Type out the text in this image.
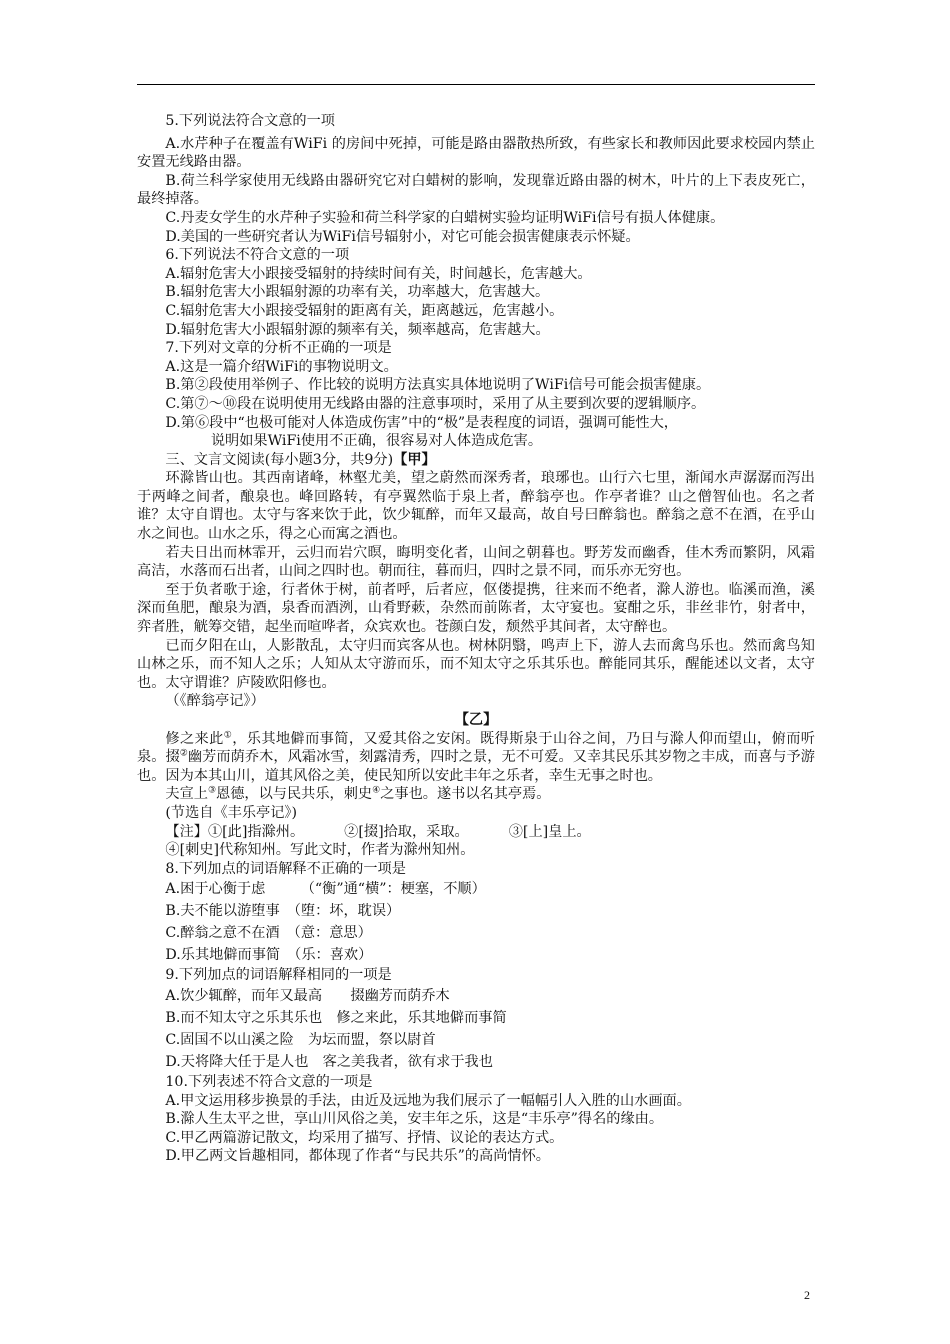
5.下列说法符合文意的一项

A.水芹种子在覆盖有WiFi 的房间中死掉，可能是路由器散热所致，有些家长和教师因此要求校园内禁止安置无线路由器。

B.荷兰科学家使用无线路由器研究它对白蜡树的影响，发现靠近路由器的树木，叶片的上下表皮死亡，最终掉落。

C.丹麦女学生的水芹种子实验和荷兰科学家的白蜡树实验均证明WiFi信号有损人体健康。

D.美国的一些研究者认为WiFi信号辐射小，对它可能会损害健康表示怀疑。

6.下列说法不符合文意的一项

A.辐射危害大小跟接受辐射的持续时间有关，时间越长，危害越大。

B.辐射危害大小跟辐射源的功率有关，功率越大，危害越大。

C.辐射危害大小跟接受辐射的距离有关，距离越远，危害越小。

D.辐射危害大小跟辐射源的频率有关，频率越高，危害越大。

7.下列对文章的分析不正确的一项是

A.这是一篇介绍WiFi的事物说明文。

B.第②段使用举例子、作比较的说明方法真实具体地说明了WiFi信号可能会损害健康。

C.第⑦～⑩段在说明使用无线路由器的注意事项时，采用了从主要到次要的逻辑顺序。

D.第⑥段中“也极可能对人体造成伤害”中的“极”是表程度的词语，强调可能性大，

说明如果WiFi使用不正确，很容易对人体造成危害。

三、文言文阅读(每小题3分，共9分)【甲】

环滁皆山也。其西南诸峰，林壑尤美，望之蔚然而深秀者，琅琊也。山行六七里，渐闻水声潺潺而泻出于两峰之间者，酿泉也。峰回路转，有亭翼然临于泉上者，醉翁亭也。作亭者谁？山之僧智仙也。名之者谁？太守自谓也。太守与客来饮于此，饮少辄醉，而年又最高，故自号曰醉翁也。醉翁之意不在酒，在乎山水之间也。山水之乐，得之心而寓之酒也。

若夫日出而林霏开，云归而岩穴暝，晦明变化者，山间之朝暮也。野芳发而幽香，佳木秀而繁阴，风霜高洁，水落而石出者，山间之四时也。朝而往，暮而归，四时之景不同，而乐亦无穷也。

至于负者歌于途，行者休于树，前者呼，后者应，伛偻提携，往来而不绝者，滁人游也。临溪而渔，溪深而鱼肥，酿泉为酒，泉香而酒洌，山肴野蔌，杂然而前陈者，太守宴也。宴酣之乐，非丝非竹，射者中，弈者胜，觥筹交错，起坐而喧哗者，众宾欢也。苍颜白发，颓然乎其间者，太守醉也。

已而夕阳在山，人影散乱，太守归而宾客从也。树林阴翳，鸣声上下，游人去而禽鸟乐也。然而禽鸟知山林之乐，而不知人之乐；人知从太守游而乐，而不知太守之乐其乐也。醉能同其乐，醒能述以文者，太守也。太守谓谁？庐陵欧阳修也。

（《醉翁亭记》）

【乙】

修之来此①，乐其地僻而事简，又爱其俗之安闲。既得斯泉于山谷之间，乃日与滁人仰而望山，俯而听泉。掇②幽芳而荫乔木，风霜冰雪，刻露清秀，四时之景，无不可爱。又幸其民乐其岁物之丰成，而喜与予游也。因为本其山川，道其风俗之美，使民知所以安此丰年之乐者，幸生无事之时也。

夫宣上③恩德，以与民共乐，刺史④之事也。遂书以名其亭焉。

(节选自《丰乐亭记》)

【注】①[此]指滁州。	②[掇]拾取，采取。	③[上]皇上。

④[刺史]代称知州。写此文时，作者为滁州知州。

8.下列加点的词语解释不正确的一项是

A.困于心衡于虑　　　（“衡”通“横”：梗塞，不顺）

B.夫不能以游堕事　（堕：坏，耽误）

C.醉翁之意不在酒　（意：意思）

D.乐其地僻而事简　（乐：喜欢）

9.下列加点的词语解释相同的一项是

A.饮少辄醉，而年又最高　　掇幽芳而荫乔木

B.而不知太守之乐其乐也　修之来此，乐其地僻而事简

C.固国不以山溪之险　为坛而盟，祭以尉首

D.天将降大任于是人也　客之美我者，欲有求于我也

10.下列表述不符合文意的一项是

A.甲文运用移步换景的手法，由近及远地为我们展示了一幅幅引人入胜的山水画面。

B.滁人生太平之世，享山川风俗之美，安丰年之乐，这是“丰乐亭”得名的缘由。

C.甲乙两篇游记散文，均采用了描写、抒情、议论的表达方式。

D.甲乙两文旨趣相同，都体现了作者“与民共乐”的高尚情怀。

2
